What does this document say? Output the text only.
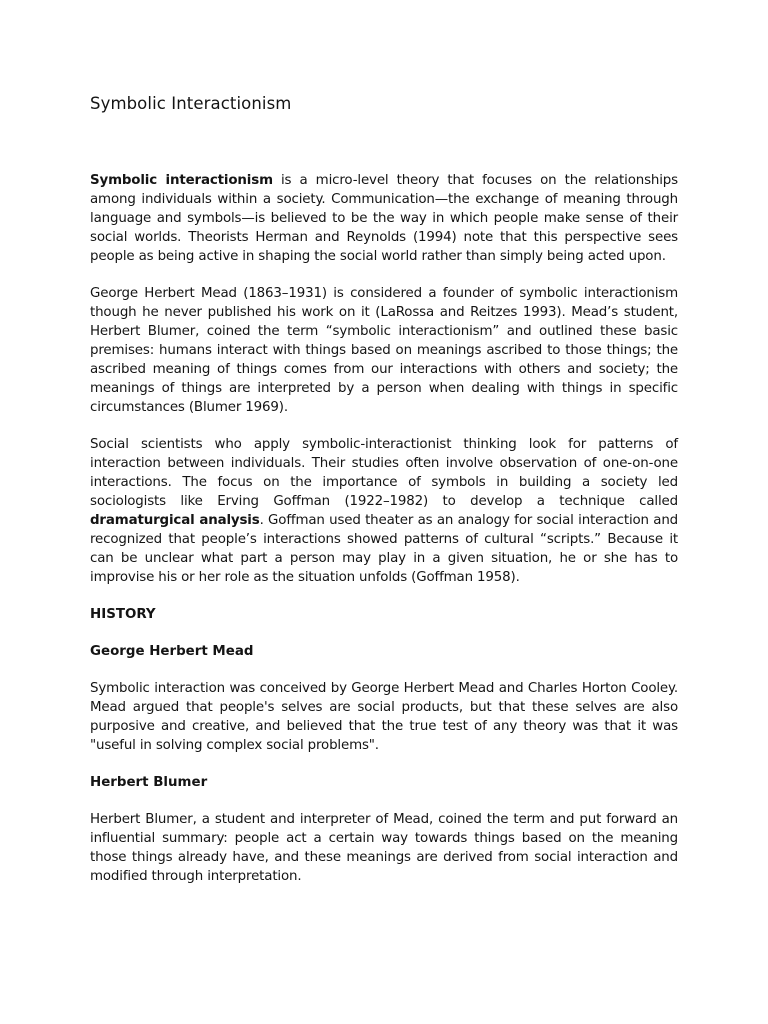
Symbolic Interactionism

Symbolic interactionism is a micro-level theory that focuses on the relationships among individuals within a society. Communication—the exchange of meaning through language and symbols—is believed to be the way in which people make sense of their social worlds. Theorists Herman and Reynolds (1994) note that this perspective sees people as being active in shaping the social world rather than simply being acted upon.

George Herbert Mead (1863–1931) is considered a founder of symbolic interactionism though he never published his work on it (LaRossa and Reitzes 1993). Mead’s student, Herbert Blumer, coined the term “symbolic interactionism” and outlined these basic premises: humans interact with things based on meanings ascribed to those things; the ascribed meaning of things comes from our interactions with others and society; the meanings of things are interpreted by a person when dealing with things in specific circumstances (Blumer 1969).

Social scientists who apply symbolic-interactionist thinking look for patterns of interaction between individuals. Their studies often involve observation of one-on-one interactions. The focus on the importance of symbols in building a society led sociologists like Erving Goffman (1922–1982) to develop a technique called dramaturgical analysis. Goffman used theater as an analogy for social interaction and recognized that people’s interactions showed patterns of cultural “scripts.” Because it can be unclear what part a person may play in a given situation, he or she has to improvise his or her role as the situation unfolds (Goffman 1958).

HISTORY

George Herbert Mead

Symbolic interaction was conceived by George Herbert Mead and Charles Horton Cooley. Mead argued that people's selves are social products, but that these selves are also purposive and creative, and believed that the true test of any theory was that it was "useful in solving complex social problems".

Herbert Blumer

Herbert Blumer, a student and interpreter of Mead, coined the term and put forward an influential summary: people act a certain way towards things based on the meaning those things already have, and these meanings are derived from social interaction and modified through interpretation.
